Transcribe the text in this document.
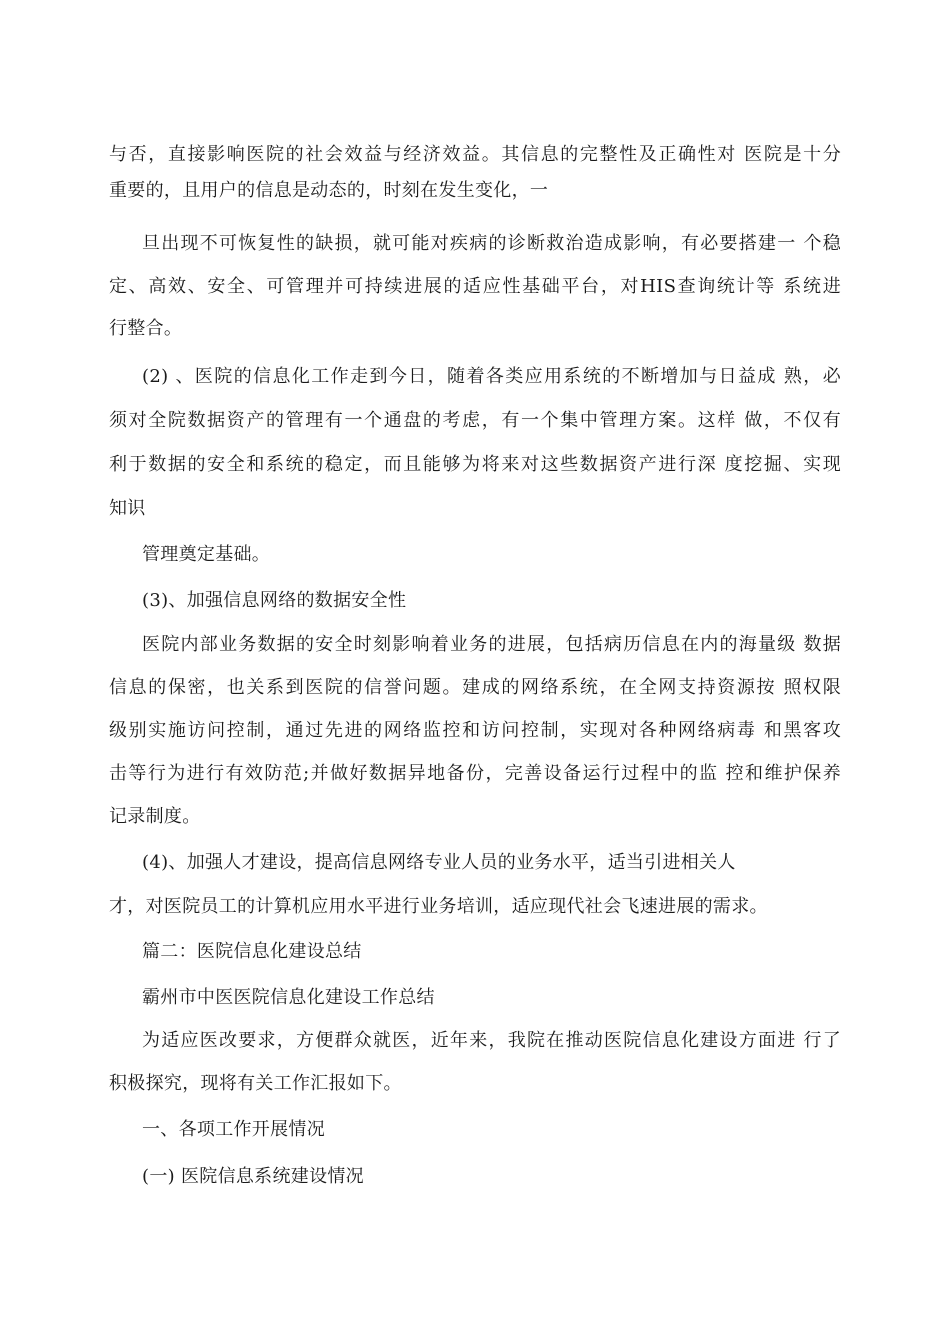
与否，直接影响医院的社会效益与经济效益。其信息的完整性及正确性对 医院是十分
重要的，且用户的信息是动态的，时刻在发生变化，一
旦出现不可恢复性的缺损，就可能对疾病的诊断救治造成影响，有必要搭建一 个稳
定、高效、安全、可管理并可持续进展的适应性基础平台，对HIS查询统计等 系统进
行整合。
(2) 、医院的信息化工作走到今日，随着各类应用系统的不断增加与日益成 熟，必
须对全院数据资产的管理有一个通盘的考虑，有一个集中管理方案。这样 做，不仅有
利于数据的安全和系统的稳定，而且能够为将来对这些数据资产进行深 度挖掘、实现
知识
管理奠定基础。
(3)、加强信息网络的数据安全性
医院内部业务数据的安全时刻影响着业务的进展，包括病历信息在内的海量级 数据
信息的保密，也关系到医院的信誉问题。建成的网络系统，在全网支持资源按 照权限
级别实施访问控制，通过先进的网络监控和访问控制，实现对各种网络病毒 和黑客攻
击等行为进行有效防范;并做好数据异地备份，完善设备运行过程中的监 控和维护保养
记录制度。
(4)、加强人才建设，提高信息网络专业人员的业务水平，适当引进相关人
才，对医院员工的计算机应用水平进行业务培训，适应现代社会飞速进展的需求。
篇二：医院信息化建设总结
霸州市中医医院信息化建设工作总结
为适应医改要求，方便群众就医，近年来，我院在推动医院信息化建设方面进 行了
积极探究，现将有关工作汇报如下。
一、各项工作开展情况
(一) 医院信息系统建设情况
